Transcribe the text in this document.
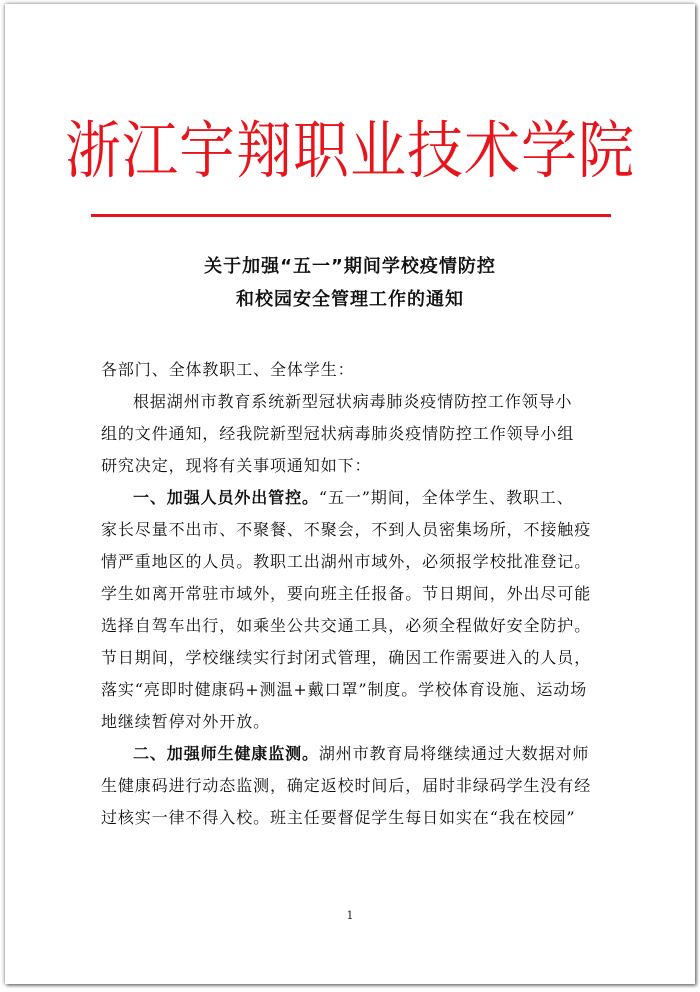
浙江宇翔职业技术学院
关于加强“五一”期间学校疫情防控
和校园安全管理工作的通知
各部门、全体教职工、全体学生：
根据湖州市教育系统新型冠状病毒肺炎疫情防控工作领导小
组的文件通知，经我院新型冠状病毒肺炎疫情防控工作领导小组
研究决定，现将有关事项通知如下：
一、加强人员外出管控。“五一”期间，全体学生、教职工、
家长尽量不出市、不聚餐、不聚会，不到人员密集场所，不接触疫
情严重地区的人员。教职工出湖州市域外，必须报学校批准登记。
学生如离开常驻市域外，要向班主任报备。节日期间，外出尽可能
选择自驾车出行，如乘坐公共交通工具，必须全程做好安全防护。
节日期间，学校继续实行封闭式管理，确因工作需要进入的人员，
落实“亮即时健康码+测温+戴口罩”制度。学校体育设施、运动场
地继续暂停对外开放。
二、加强师生健康监测。湖州市教育局将继续通过大数据对师
生健康码进行动态监测，确定返校时间后，届时非绿码学生没有经
过核实一律不得入校。班主任要督促学生每日如实在“我在校园”
1
